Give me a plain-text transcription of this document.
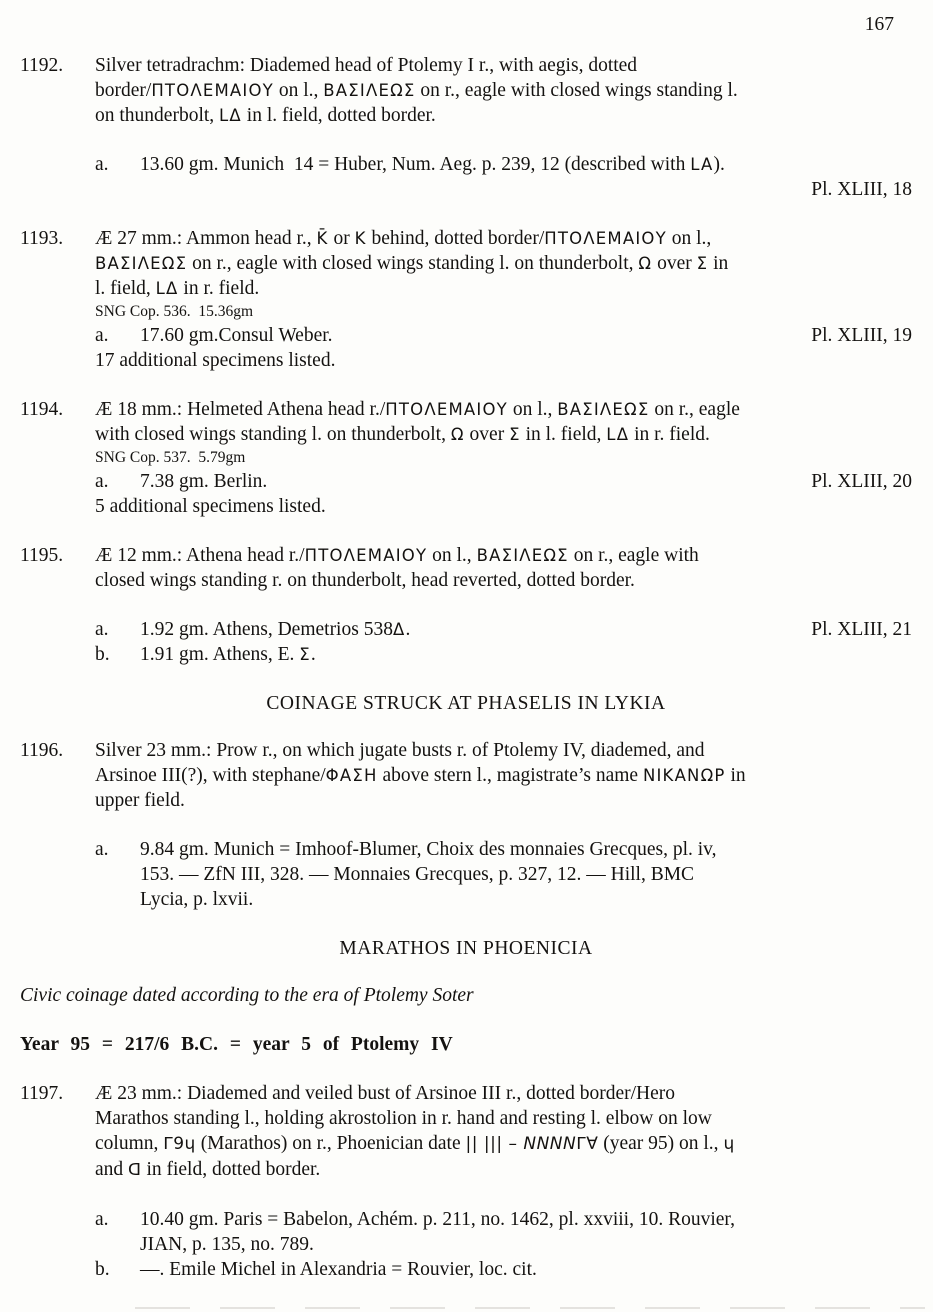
167
1192.	Silver tetradrachm: Diademed head of Ptolemy I r., with aegis, dotted
border/ΠΤΟΛΕΜΑΙΟΥ on l., ΒΑΣΙΛΕΩΣ on r., eagle with closed wings standing l.
on thunderbolt, LΔ in l. field, dotted border.
a.	13.60 gm. Munich  14 = Huber, Num. Aeg. p. 239, 12 (described with LA).
Pl. XLIII, 18
1193.	Æ 27 mm.: Ammon head r., K̄ or Κ behind, dotted border/ΠΤΟΛΕΜΑΙΟΥ on l.,
ΒΑΣΙΛΕΩΣ on r., eagle with closed wings standing l. on thunderbolt, Ω over Σ in
l. field, LΔ in r. field.
SNG Cop. 536.  15.36gm
a.	17.60 gm.Consul Weber.	Pl. XLIII, 19
17 additional specimens listed.
1194.	Æ 18 mm.: Helmeted Athena head r./ΠΤΟΛΕΜΑΙΟΥ on l., ΒΑΣΙΛΕΩΣ on r., eagle
with closed wings standing l. on thunderbolt, Ω over Σ in l. field, LΔ in r. field.
SNG Cop. 537.  5.79gm
a.	7.38 gm. Berlin.	Pl. XLIII, 20
5 additional specimens listed.
1195.	Æ 12 mm.: Athena head r./ΠΤΟΛΕΜΑΙΟΥ on l., ΒΑΣΙΛΕΩΣ on r., eagle with
closed wings standing r. on thunderbolt, head reverted, dotted border.
a.	1.92 gm. Athens, Demetrios 538Δ.	Pl. XLIII, 21
b.	1.91 gm. Athens, E. Σ.
COINAGE STRUCK AT PHASELIS IN LYKIA
1196.	Silver 23 mm.: Prow r., on which jugate busts r. of Ptolemy IV, diademed, and
Arsinoe III(?), with stephane/ΦΑΣΗ above stern l., magistrate’s name ΝΙΚΑΝΩΡ in
upper field.
a.	9.84 gm. Munich = Imhoof-Blumer, Choix des monnaies Grecques, pl. iv,
153. — ZfN III, 328. — Monnaies Grecques, p. 327, 12. — Hill, BMC
Lycia, p. lxvii.
MARATHOS IN PHOENICIA
Civic coinage dated according to the era of Ptolemy Soter
Year 95 = 217/6 B.C. = year 5 of Ptolemy IV
1197.	Æ 23 mm.: Diademed and veiled bust of Arsinoe III r., dotted border/Hero
Marathos standing l., holding akrostolion in r. hand and resting l. elbow on low
column, ᒥ9ɥ (Marathos) on r., Phoenician date || ||| – NNNNᒥ∀ (year 95) on l., ɥ
and ᗡ in field, dotted border.
a.	10.40 gm. Paris = Babelon, Achém. p. 211, no. 1462, pl. xxviii, 10. Rouvier,
JIAN, p. 135, no. 789.
b.	—. Emile Michel in Alexandria = Rouvier, loc. cit.
